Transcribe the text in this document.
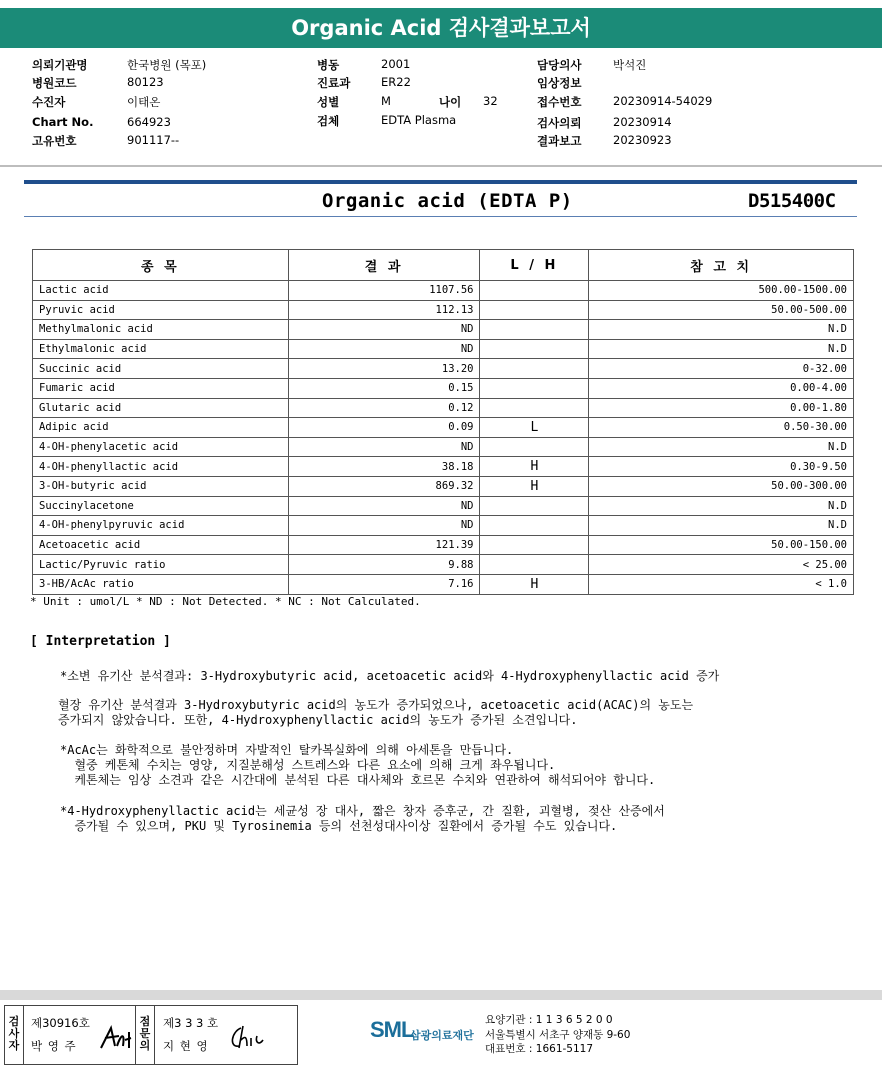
Organic Acid 검사결과보고서
의뢰기관명	한국병원 (목포)
병원코드	80123
수진자	이태온
Chart No.	664923
고유번호	901117--
병동	2001
진료과	ER22
성별	M	나이 32
검체	EDTA Plasma
담당의사	박석진
임상정보
접수번호	20230914-54029
검사의뢰	20230914
결과보고	20230923
Organic acid (EDTA P)	D515400C
종 목	결 과	L / H	참 고 치
Lactic acid	1107.56		500.00-1500.00
Pyruvic acid	112.13		50.00-500.00
Methylmalonic acid	ND		N.D
Ethylmalonic acid	ND		N.D
Succinic acid	13.20		0-32.00
Fumaric acid	0.15		0.00-4.00
Glutaric acid	0.12		0.00-1.80
Adipic acid	0.09	L	0.50-30.00
4-OH-phenylacetic acid	ND		N.D
4-OH-phenyllactic acid	38.18	H	0.30-9.50
3-OH-butyric acid	869.32	H	50.00-300.00
Succinylacetone	ND		N.D
4-OH-phenylpyruvic acid	ND		N.D
Acetoacetic acid	121.39		50.00-150.00
Lactic/Pyruvic ratio	9.88		< 25.00
3-HB/AcAc ratio	7.16	H	< 1.0
* Unit : umol/L * ND : Not Detected. * NC : Not Calculated.
[ Interpretation ]
*소변 유기산 분석결과: 3-Hydroxybutyric acid, acetoacetic acid와 4-Hydroxyphenyllactic acid 증가
혈장 유기산 분석결과 3-Hydroxybutyric acid의 농도가 증가되었으나, acetoacetic acid(ACAC)의 농도는
증가되지 않았습니다. 또한, 4-Hydroxyphenyllactic acid의 농도가 증가된 소견입니다.
*AcAc는 화학적으로 불안정하며 자발적인 탈카복실화에 의해 아세톤을 만듭니다.
혈중 케톤체 수치는 영양, 지질분해성 스트레스와 다른 요소에 의해 크게 좌우됩니다.
케톤체는 임상 소견과 같은 시간대에 분석된 다른 대사체와 호르몬 수치와 연관하여 해석되어야 합니다.
*4-Hydroxyphenyllactic acid는 세균성 장 대사, 짧은 창자 증후군, 간 질환, 괴혈병, 젖산 산증에서
증가될 수 있으며, PKU 및 Tyrosinemia 등의 선천성대사이상 질환에서 증가될 수도 있습니다.
검사자
제30916호
박 영 주
점문의
제3 3 3 호
지 현 영
SML
삼광의료재단
요양기관 : 1 1 3 6 5 2 0 0
서울특별시 서초구 양재동 9-60
대표번호 : 1661-5117
